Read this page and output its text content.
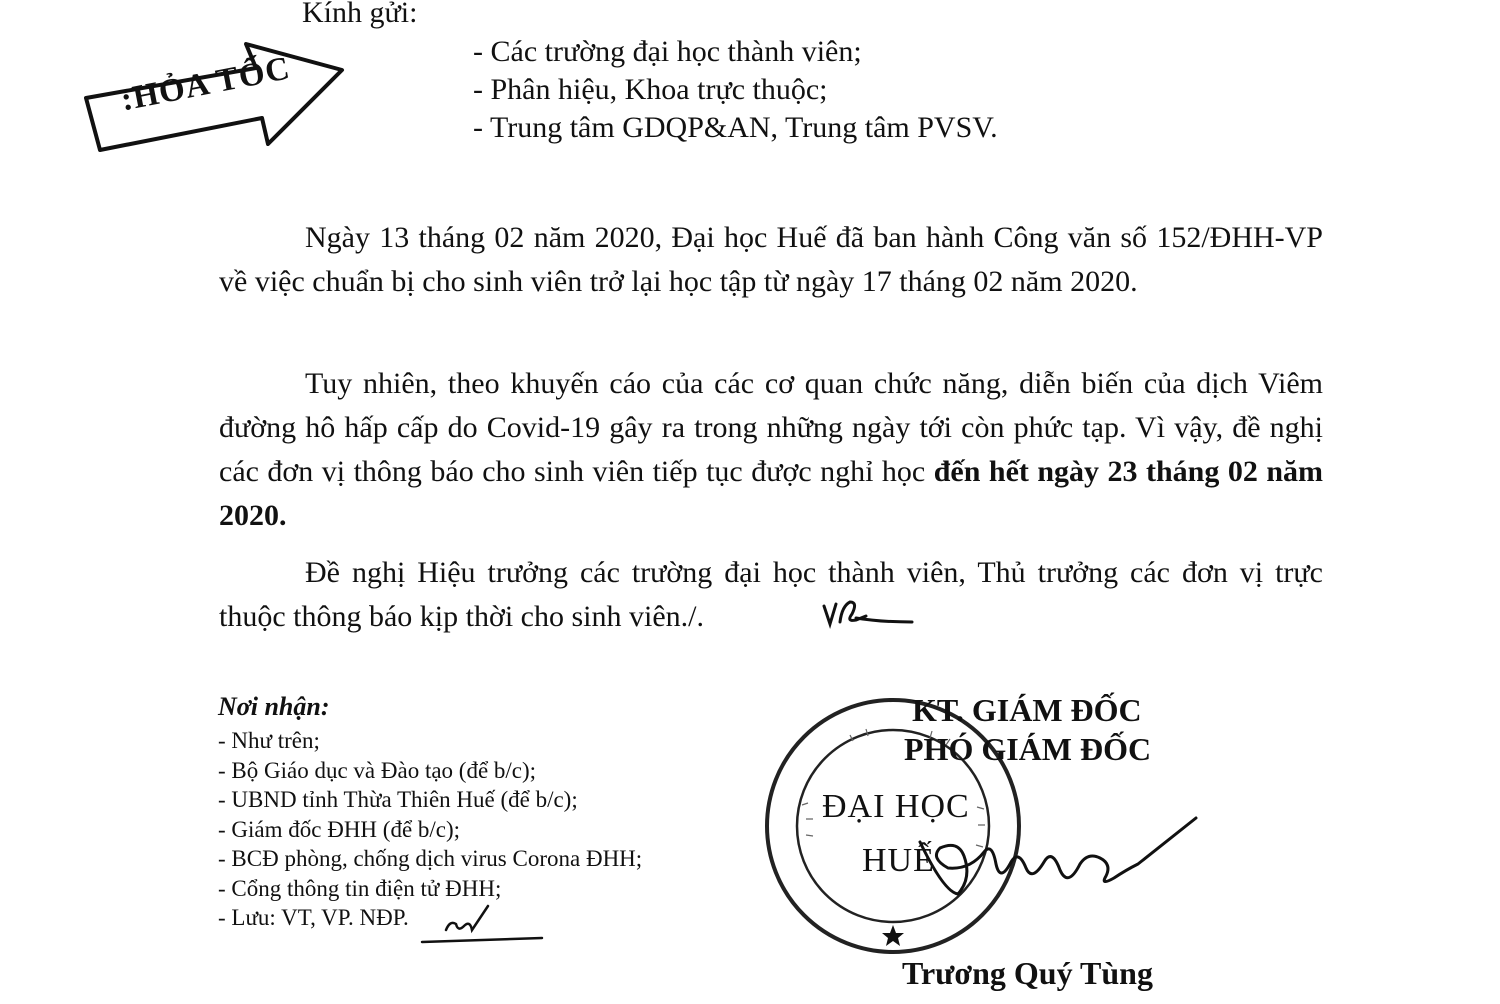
Kính gửi:
- Các trường đại học thành viên;
- Phân hiệu, Khoa trực thuộc;
- Trung tâm GDQP&AN, Trung tâm PVSV.
:HỎA TỐC

Ngày 13 tháng 02 năm 2020, Đại học Huế đã ban hành Công văn số 152/ĐHH-VP về việc chuẩn bị cho sinh viên trở lại học tập từ ngày 17 tháng 02 năm 2020.

Tuy nhiên, theo khuyến cáo của các cơ quan chức năng, diễn biến của dịch Viêm đường hô hấp cấp do Covid-19 gây ra trong những ngày tới còn phức tạp. Vì vậy, đề nghị các đơn vị thông báo cho sinh viên tiếp tục được nghỉ học đến hết ngày 23 tháng 02 năm 2020.

Đề nghị Hiệu trưởng các trường đại học thành viên, Thủ trưởng các đơn vị trực thuộc thông báo kịp thời cho sinh viên./.

Nơi nhận:
- Như trên;
- Bộ Giáo dục và Đào tạo (để b/c);
- UBND tỉnh Thừa Thiên Huế (để b/c);
- Giám đốc ĐHH (để b/c);
- BCĐ phòng, chống dịch virus Corona ĐHH;
- Cổng thông tin điện tử ĐHH;
- Lưu: VT, VP. NĐP.
ĐẠI HỌC
HUẾ
KT. GIÁM ĐỐC
PHÓ GIÁM ĐỐC
Trương Quý Tùng
